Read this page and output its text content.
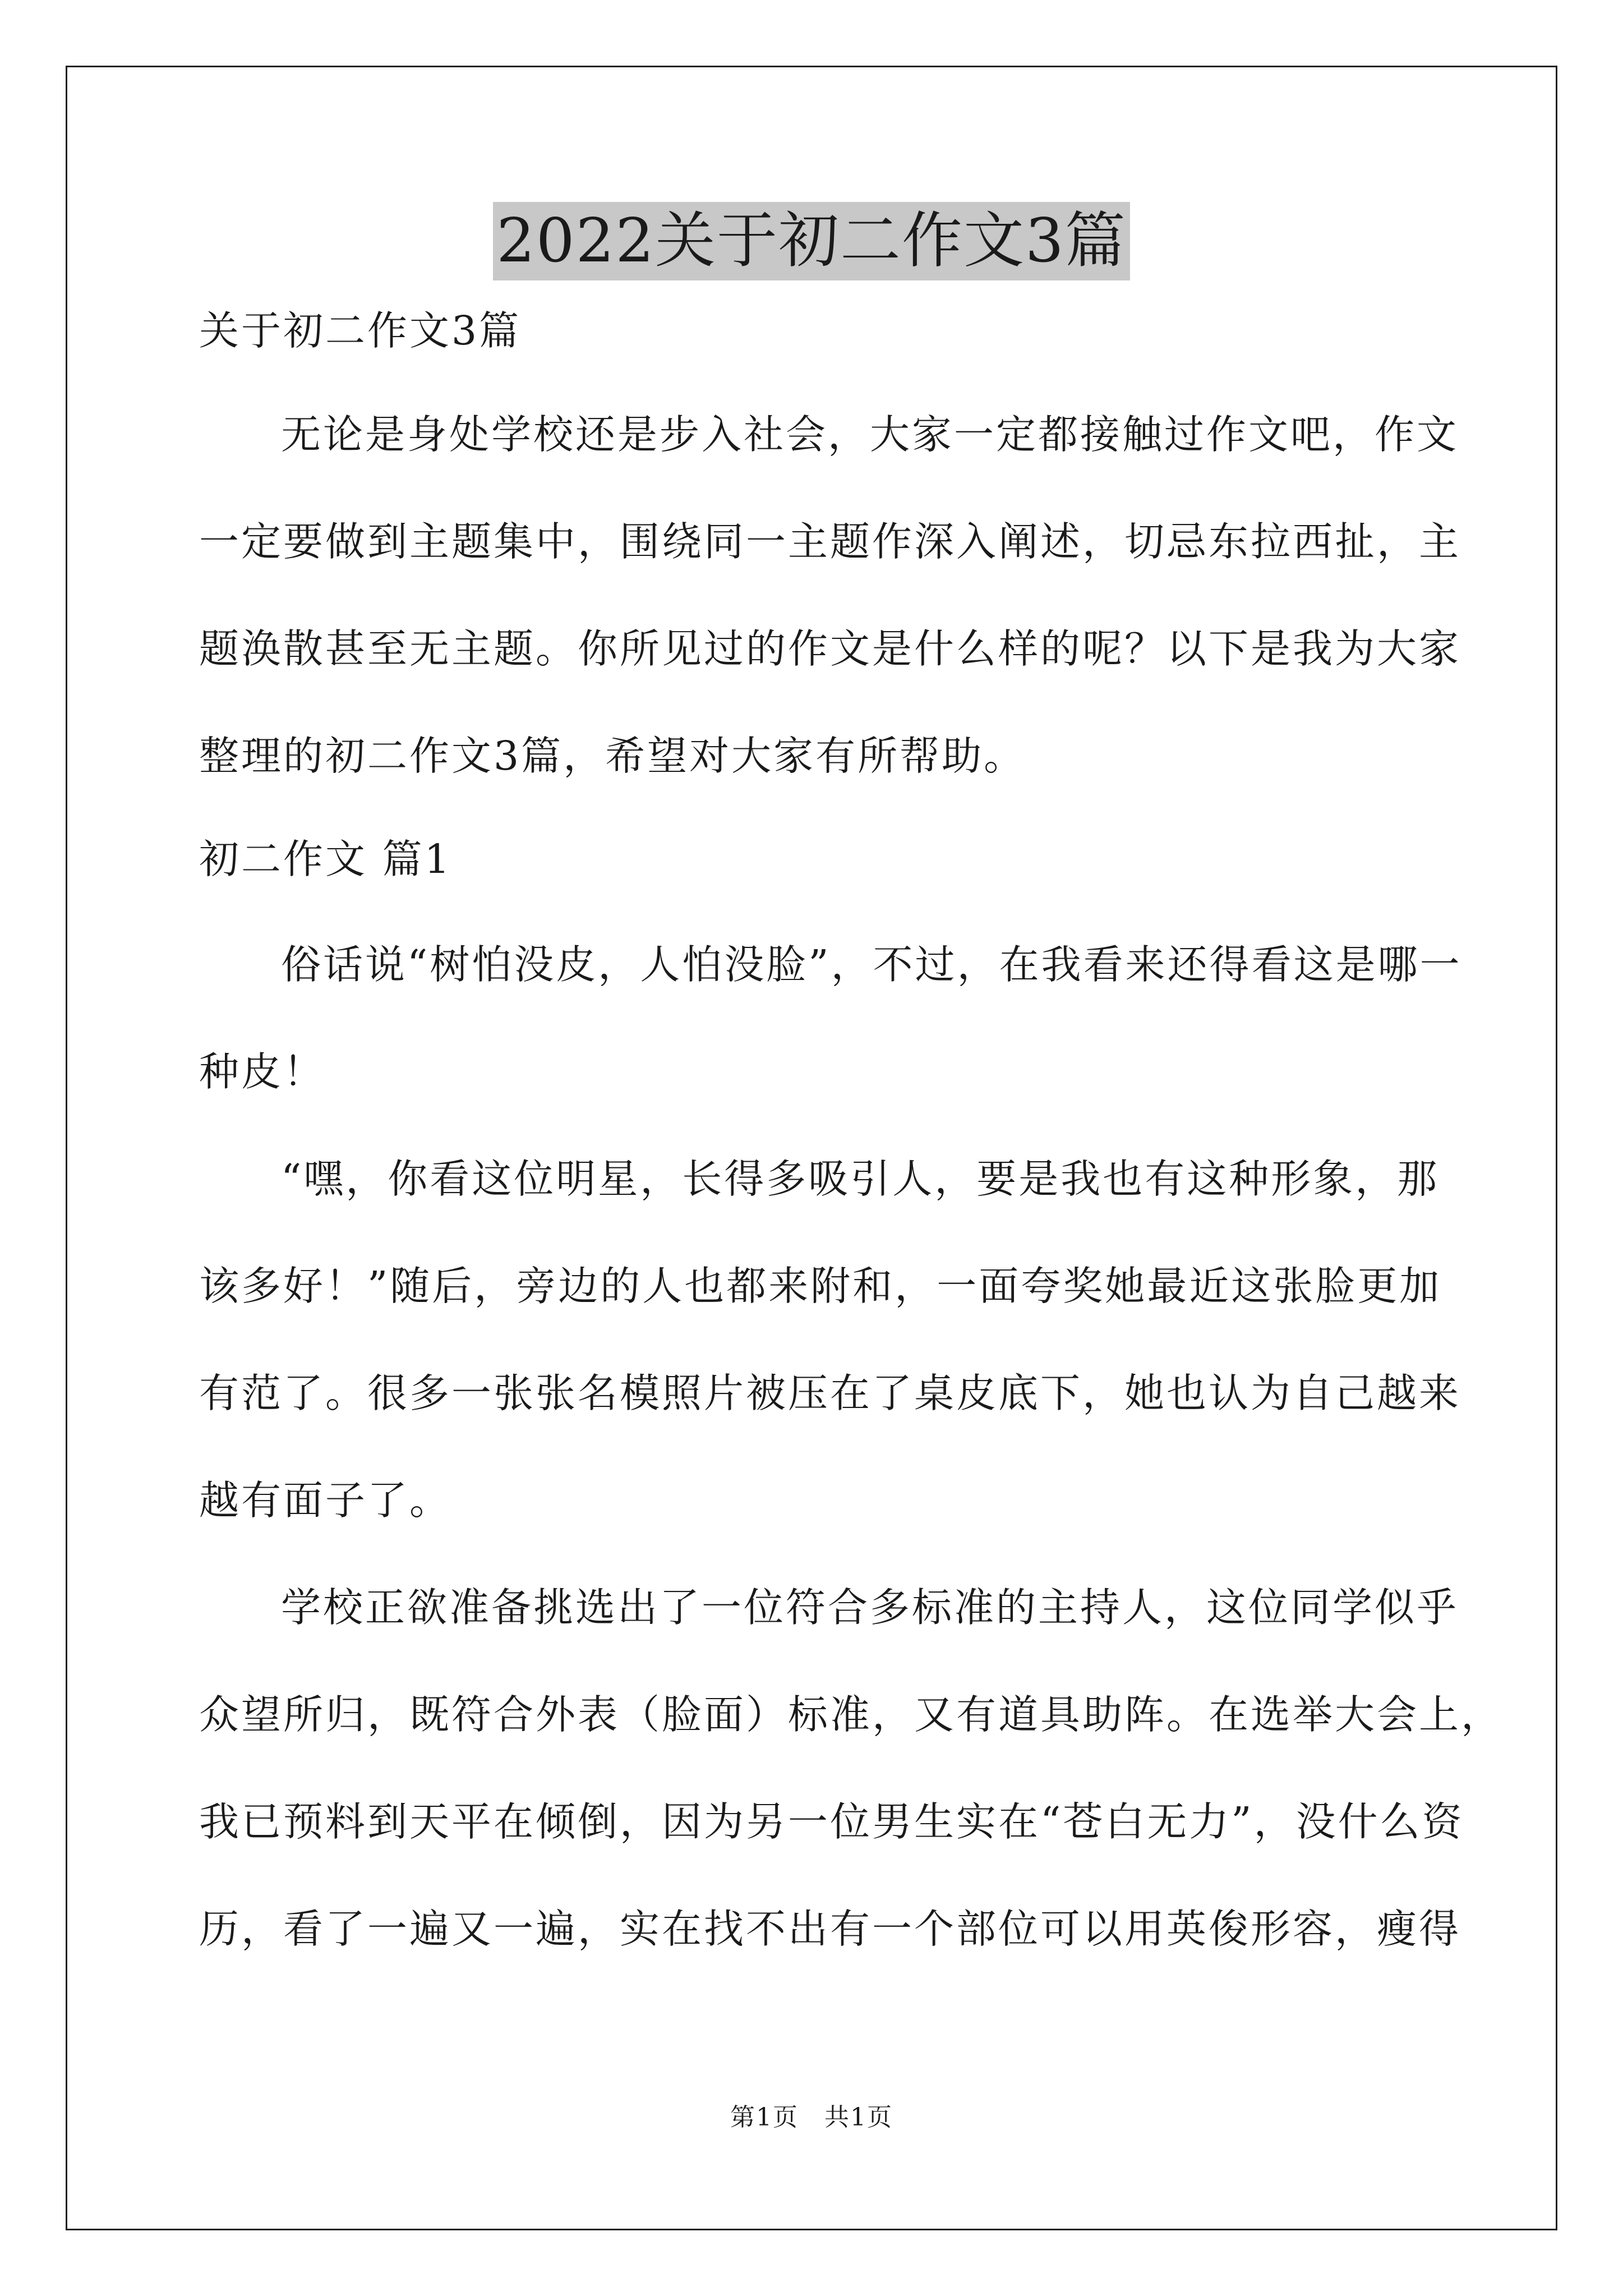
2022关于初二作文3篇
关于初二作文3篇
无论是身处学校还是步入社会，大家一定都接触过作文吧，作文
一定要做到主题集中，围绕同一主题作深入阐述，切忌东拉西扯，主
题涣散甚至无主题。你所见过的作文是什么样的呢？以下是我为大家
整理的初二作文3篇，希望对大家有所帮助。
初二作文 篇1
俗话说“树怕没皮，人怕没脸”，不过，在我看来还得看这是哪一
种皮！
“嘿，你看这位明星，长得多吸引人，要是我也有这种形象，那
该多好！”随后，旁边的人也都来附和，一面夸奖她最近这张脸更加
有范了。很多一张张名模照片被压在了桌皮底下，她也认为自己越来
越有面子了。
学校正欲准备挑选出了一位符合多标准的主持人，这位同学似乎
众望所归，既符合外表（脸面）标准，又有道具助阵。在选举大会上，
我已预料到天平在倾倒，因为另一位男生实在“苍白无力”，没什么资
历，看了一遍又一遍，实在找不出有一个部位可以用英俊形容，瘦得
第1页　共1页
